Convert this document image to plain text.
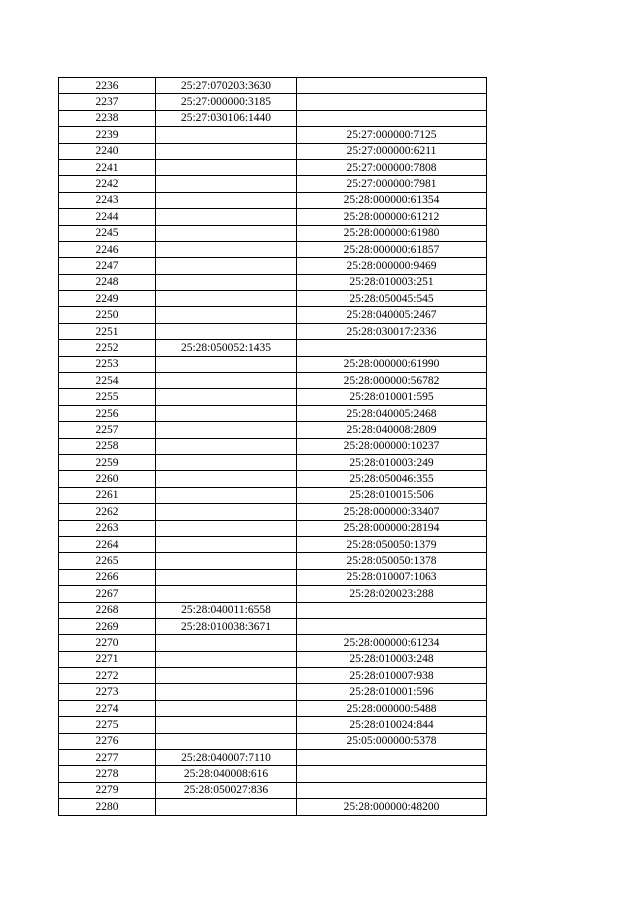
2236	25:27:070203:3630	
2237	25:27:000000:3185	
2238	25:27:030106:1440	
2239		25:27:000000:7125
2240		25:27:000000:6211
2241		25:27:000000:7808
2242		25:27:000000:7981
2243		25:28:000000:61354
2244		25:28:000000:61212
2245		25:28:000000:61980
2246		25:28:000000:61857
2247		25:28:000000:9469
2248		25:28:010003:251
2249		25:28:050045:545
2250		25:28:040005:2467
2251		25:28:030017:2336
2252	25:28:050052:1435	
2253		25:28:000000:61990
2254		25:28:000000:56782
2255		25:28:010001:595
2256		25:28:040005:2468
2257		25:28:040008:2809
2258		25:28:000000:10237
2259		25:28:010003:249
2260		25:28:050046:355
2261		25:28:010015:506
2262		25:28:000000:33407
2263		25:28:000000:28194
2264		25:28:050050:1379
2265		25:28:050050:1378
2266		25:28:010007:1063
2267		25:28:020023:288
2268	25:28:040011:6558	
2269	25:28:010038:3671	
2270		25:28:000000:61234
2271		25:28:010003:248
2272		25:28:010007:938
2273		25:28:010001:596
2274		25:28:000000:5488
2275		25:28:010024:844
2276		25:05:000000:5378
2277	25:28:040007:7110	
2278	25:28:040008:616	
2279	25:28:050027:836	
2280		25:28:000000:48200
